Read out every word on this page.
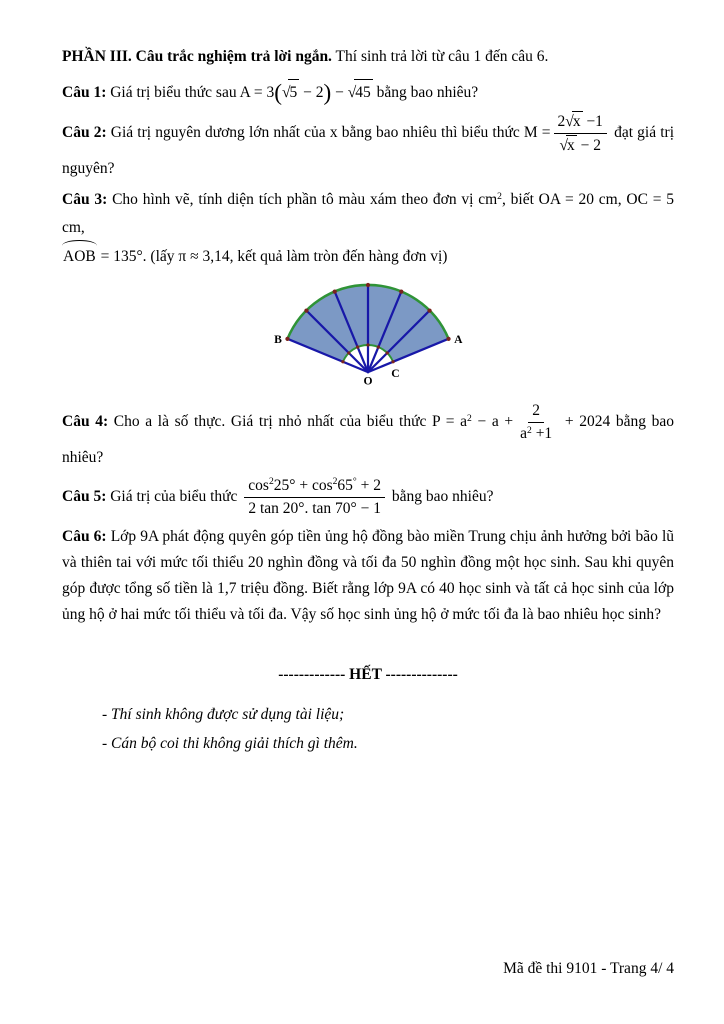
PHẦN III. Câu trắc nghiệm trả lời ngắn. Thí sinh trả lời từ câu 1 đến câu 6.

Câu 1: Giá trị biểu thức sau A = 3(√5 − 2) − √45 bằng bao nhiêu?

Câu 2: Giá trị nguyên dương lớn nhất của x bằng bao nhiêu thì biểu thức $M = \frac{2√x -1}{√x - 2}$ đạt giá trị nguyên?

Câu 3: Cho hình vẽ, tính diện tích phần tô màu xám theo đơn vị $cm^2$, biết OA = 20 cm, OC = 5 cm,

AOB = 135°. (lấy π ≈ 3,14, kết quả làm tròn đến hàng đơn vị)

B	A
O
C

Câu 4: Cho a là số thực. Giá trị nhỏ nhất của biểu thức $P = a^2 - a + \frac{2}{a^2 +1} + 2024$ bằng bao nhiêu?

Câu 5: Giá trị của biểu thức $\frac{\cos^225^\circ + \cos^265^\circ + 2}{2 \tan 20^\circ. \tan 70^\circ - 1}$ bằng bao nhiêu?

Câu 6: Lớp 9A phát động quyên góp tiền ủng hộ đồng bào miền Trung chịu ảnh hưởng bởi bão lũ và thiên tai với mức tối thiểu 20 nghìn đồng và tối đa 50 nghìn đồng một học sinh. Sau khi quyên góp được tổng số tiền là 1,7 triệu đồng. Biết rằng lớp 9A có 40 học sinh và tất cả học sinh của lớp ủng hộ ở hai mức tối thiểu và tối đa. Vậy số học sinh ủng hộ ở mức tối đa là bao nhiêu học sinh?

------------- HẾT --------------

- Thí sinh không được sử dụng tài liệu;

- Cán bộ coi thi không giải thích gì thêm.

Mã đề thi 9101 - Trang 4/ 4
